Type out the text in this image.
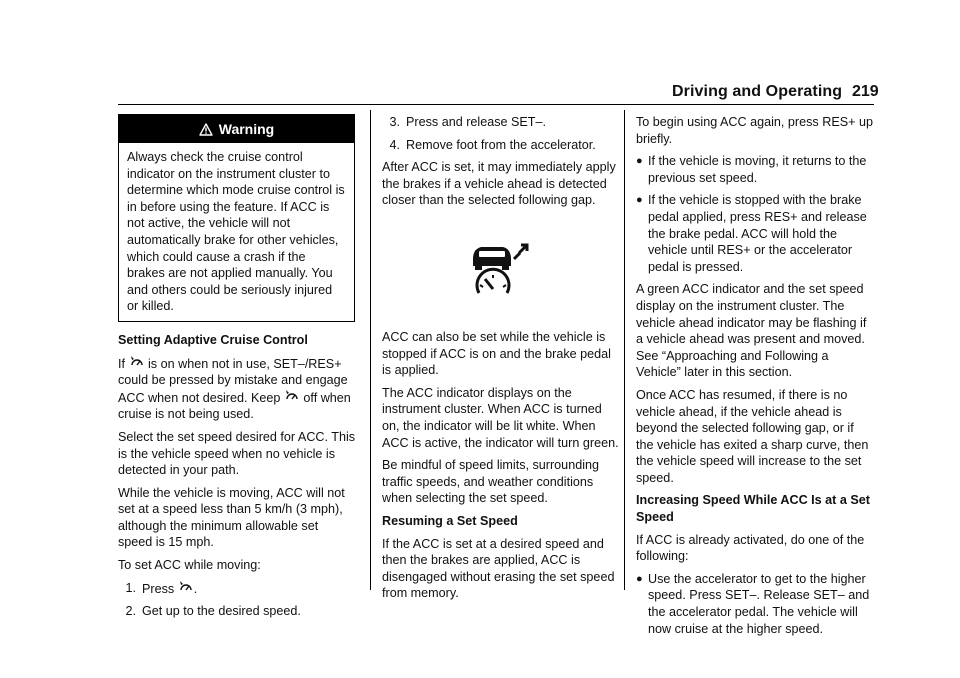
Driving and Operating 219
Warning
Always check the cruise control indicator on the instrument cluster to determine which mode cruise control is in before using the feature. If ACC is not active, the vehicle will not automatically brake for other vehicles, which could cause a crash if the brakes are not applied manually. You and others could be seriously injured or killed.

Setting Adaptive Cruise Control

If is on when not in use, SET–/RES+ could be pressed by mistake and engage ACC when not desired. Keep off when cruise is not being used.

Select the set speed desired for ACC. This is the vehicle speed when no vehicle is detected in your path.

While the vehicle is moving, ACC will not set at a speed less than 5 km/h (3 mph), although the minimum allowable set speed is 15 mph.

To set ACC while moving:

1. Press .
2. Get up to the desired speed.
3. Press and release SET–.
4. Remove foot from the accelerator.

After ACC is set, it may immediately apply the brakes if a vehicle ahead is detected closer than the selected following gap.

ACC can also be set while the vehicle is stopped if ACC is on and the brake pedal is applied.

The ACC indicator displays on the instrument cluster. When ACC is turned on, the indicator will be lit white. When ACC is active, the indicator will turn green.

Be mindful of speed limits, surrounding traffic speeds, and weather conditions when selecting the set speed.

Resuming a Set Speed

If the ACC is set at a desired speed and then the brakes are applied, ACC is disengaged without erasing the set speed from memory.

To begin using ACC again, press RES+ up briefly.

● If the vehicle is moving, it returns to the previous set speed.
● If the vehicle is stopped with the brake pedal applied, press RES+ and release the brake pedal. ACC will hold the vehicle until RES+ or the accelerator pedal is pressed.

A green ACC indicator and the set speed display on the instrument cluster. The vehicle ahead indicator may be flashing if a vehicle ahead was present and moved. See “Approaching and Following a Vehicle” later in this section.

Once ACC has resumed, if there is no vehicle ahead, if the vehicle ahead is beyond the selected following gap, or if the vehicle has exited a sharp curve, then the vehicle speed will increase to the set speed.

Increasing Speed While ACC Is at a Set Speed

If ACC is already activated, do one of the following:

● Use the accelerator to get to the higher speed. Press SET–. Release SET– and the accelerator pedal. The vehicle will now cruise at the higher speed.
